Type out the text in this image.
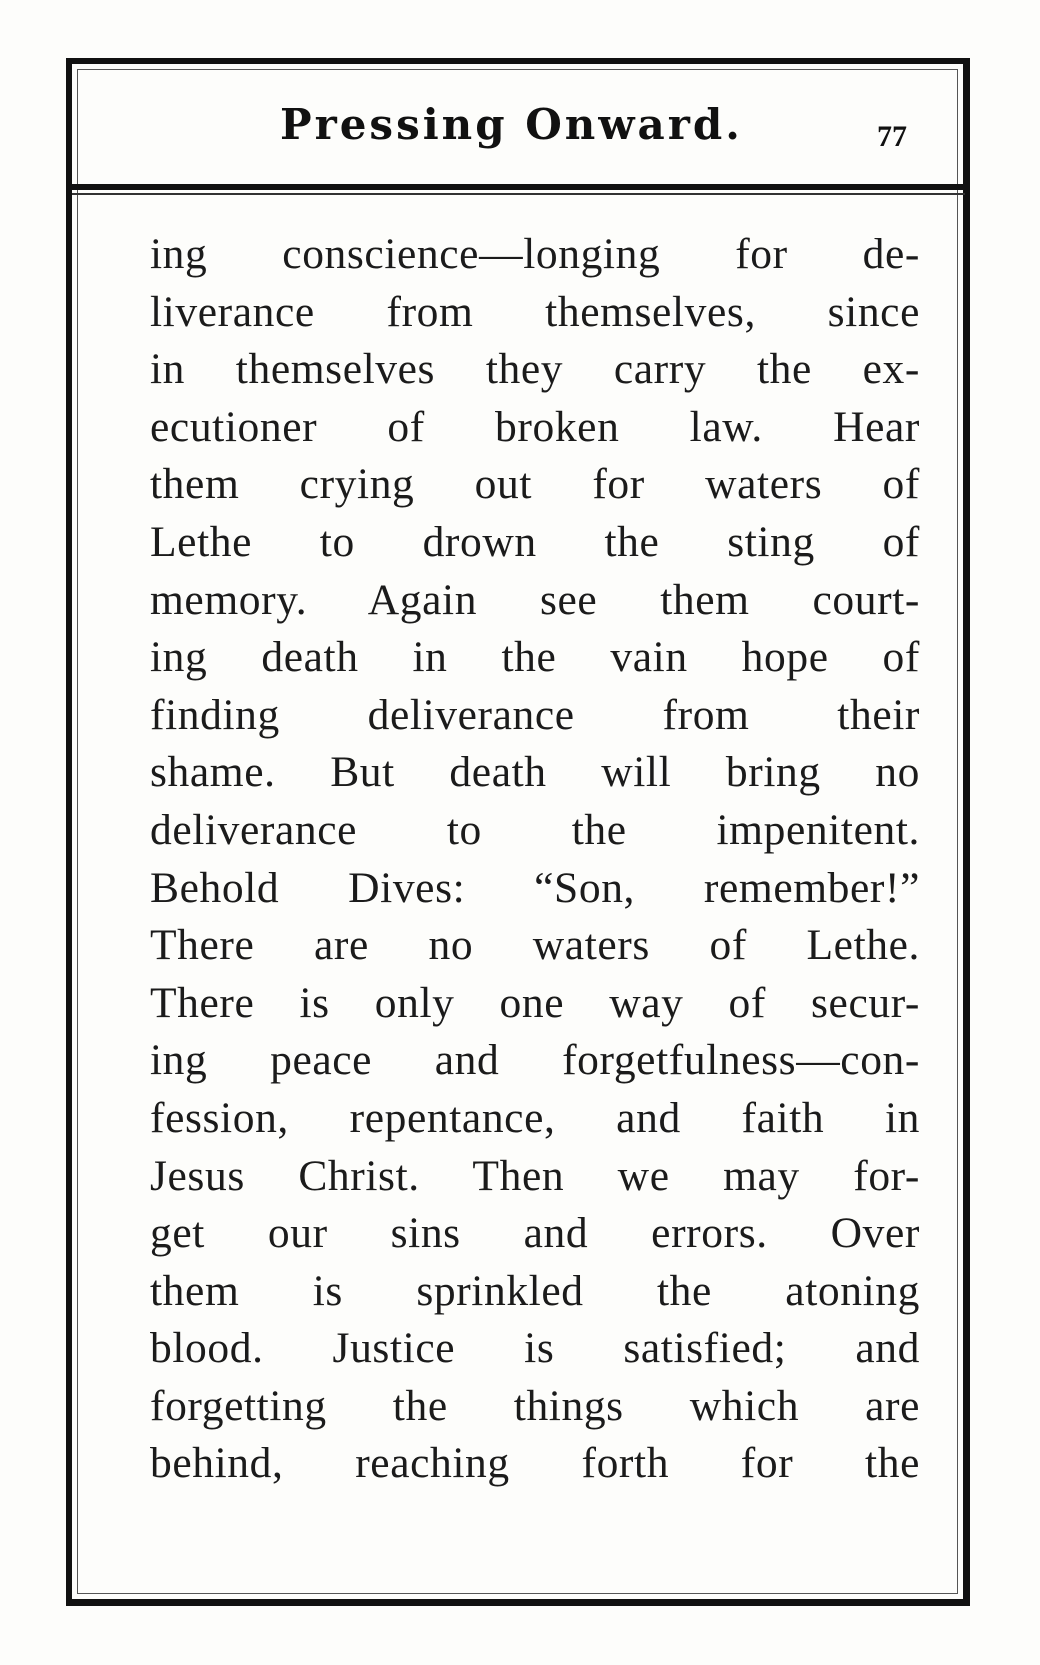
Pressing Onward.	77
ing conscience—longing for de-
liverance from themselves, since
in themselves they carry the ex-
ecutioner of broken law. Hear
them crying out for waters of
Lethe to drown the sting of
memory. Again see them court-
ing death in the vain hope of
finding deliverance from their
shame. But death will bring no
deliverance to the impenitent.
Behold Dives: “Son, remember!”
There are no waters of Lethe.
There is only one way of secur-
ing peace and forgetfulness—con-
fession, repentance, and faith in
Jesus Christ. Then we may for-
get our sins and errors. Over
them is sprinkled the atoning
blood. Justice is satisfied; and
forgetting the things which are
behind, reaching forth for the
